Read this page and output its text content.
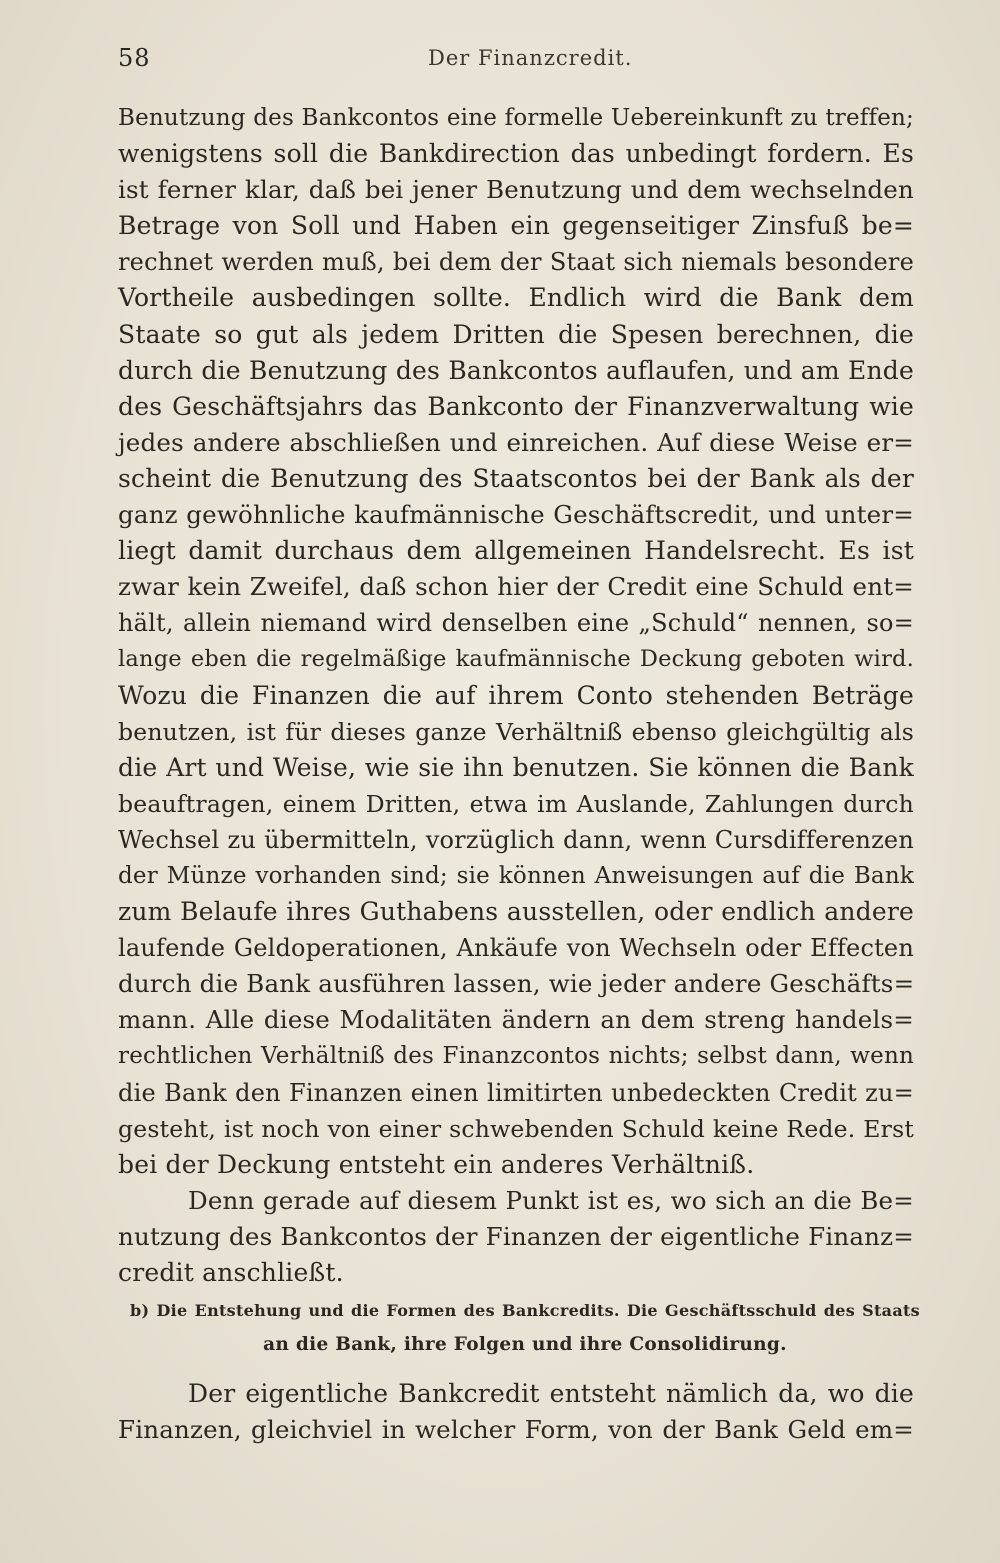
58	Der Finanzcredit.
Benutzung des Bankcontos eine formelle Uebereinkunft zu treffen;
wenigstens soll die Bankdirection das unbedingt fordern. Es
ist ferner klar, daß bei jener Benutzung und dem wechselnden
Betrage von Soll und Haben ein gegenseitiger Zinsfuß be=
rechnet werden muß, bei dem der Staat sich niemals besondere
Vortheile ausbedingen sollte. Endlich wird die Bank dem
Staate so gut als jedem Dritten die Spesen berechnen, die
durch die Benutzung des Bankcontos auflaufen, und am Ende
des Geschäftsjahrs das Bankconto der Finanzverwaltung wie
jedes andere abschließen und einreichen. Auf diese Weise er=
scheint die Benutzung des Staatscontos bei der Bank als der
ganz gewöhnliche kaufmännische Geschäftscredit, und unter=
liegt damit durchaus dem allgemeinen Handelsrecht. Es ist
zwar kein Zweifel, daß schon hier der Credit eine Schuld ent=
hält, allein niemand wird denselben eine „Schuld“ nennen, so=
lange eben die regelmäßige kaufmännische Deckung geboten wird.
Wozu die Finanzen die auf ihrem Conto stehenden Beträge
benutzen, ist für dieses ganze Verhältniß ebenso gleichgültig als
die Art und Weise, wie sie ihn benutzen. Sie können die Bank
beauftragen, einem Dritten, etwa im Auslande, Zahlungen durch
Wechsel zu übermitteln, vorzüglich dann, wenn Cursdifferenzen
der Münze vorhanden sind; sie können Anweisungen auf die Bank
zum Belaufe ihres Guthabens ausstellen, oder endlich andere
laufende Geldoperationen, Ankäufe von Wechseln oder Effecten
durch die Bank ausführen lassen, wie jeder andere Geschäfts=
mann. Alle diese Modalitäten ändern an dem streng handels=
rechtlichen Verhältniß des Finanzcontos nichts; selbst dann, wenn
die Bank den Finanzen einen limitirten unbedeckten Credit zu=
gesteht, ist noch von einer schwebenden Schuld keine Rede. Erst
bei der Deckung entsteht ein anderes Verhältniß.
Denn gerade auf diesem Punkt ist es, wo sich an die Be=
nutzung des Bankcontos der Finanzen der eigentliche Finanz=
credit anschließt.
b) Die Entstehung und die Formen des Bankcredits. Die Geschäftsschuld des Staats
an die Bank, ihre Folgen und ihre Consolidirung.
Der eigentliche Bankcredit entsteht nämlich da, wo die
Finanzen, gleichviel in welcher Form, von der Bank Geld em=
